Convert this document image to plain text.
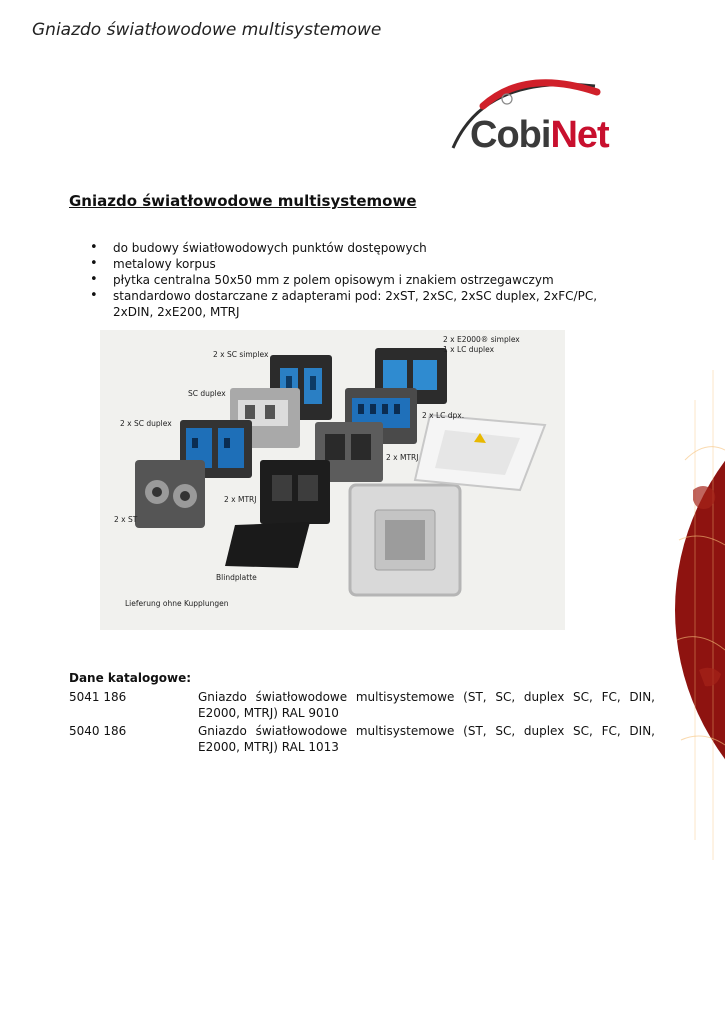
Gniazdo światłowodowe multisystemowe
CobiNet
Gniazdo światłowodowe multisystemowe
• do budowy światłowodowych punktów dostępowych
• metalowy korpus
• płytka centralna 50x50 mm z polem opisowym i znakiem ostrzegawczym
• standardowo dostarczane z adapterami pod: 2xST, 2xSC, 2xSC duplex, 2xFC/PC, 2xDIN, 2xE200, MTRJ
2 x SC simplex
SC duplex
2 x SC duplex
2 x ST
2 x MTRJ
2 x MTRJ
2 x LC dpx.
2 x E2000® simplex
1 x LC duplex
Blindplatte
Lieferung ohne Kupplungen
Dane katalogowe:
5041 186	Gniazdo światłowodowe multisystemowe (ST, SC, duplex SC, FC, DIN, E2000, MTRJ) RAL 9010
5040 186	Gniazdo światłowodowe multisystemowe (ST, SC, duplex SC, FC, DIN, E2000, MTRJ) RAL 1013
